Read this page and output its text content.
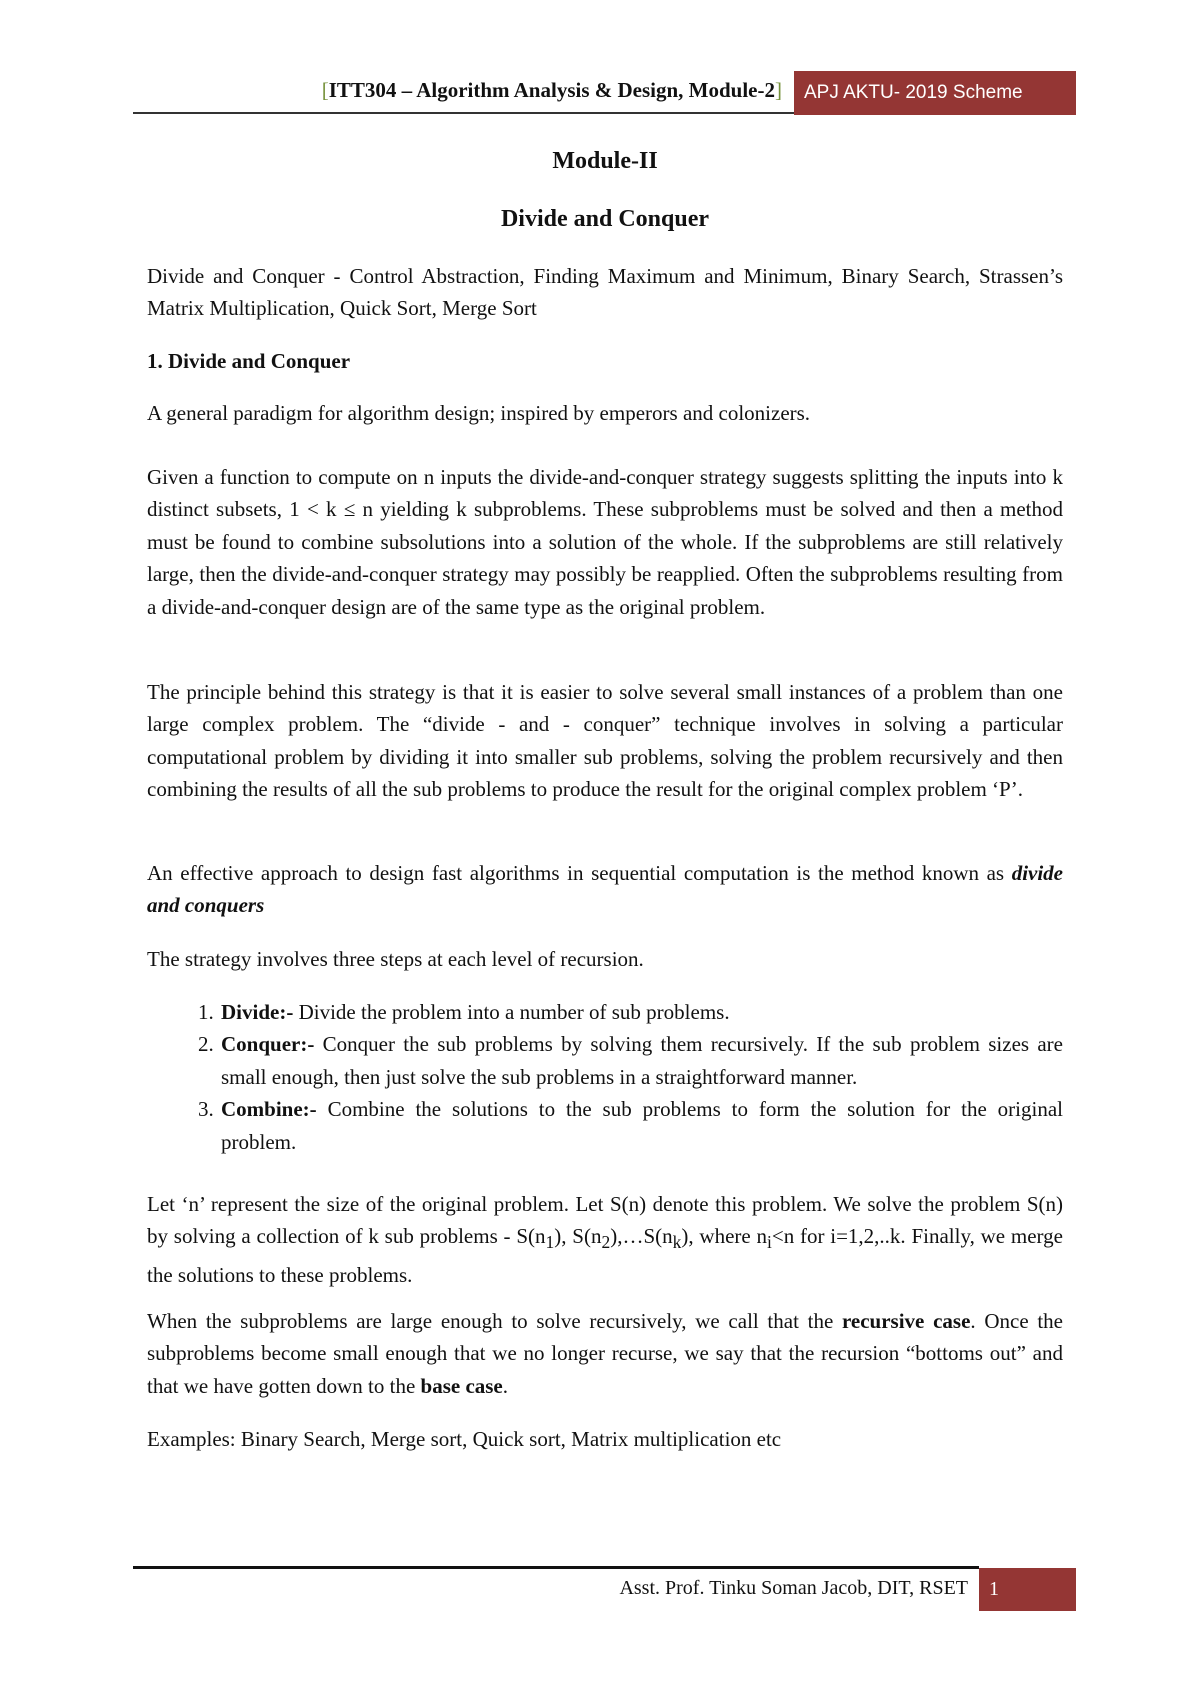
[ITT304 – Algorithm Analysis & Design, Module-2]	APJ AKTU- 2019 Scheme
Module-II
Divide and Conquer
Divide and Conquer - Control Abstraction, Finding Maximum and Minimum, Binary Search, Strassen’s Matrix Multiplication, Quick Sort, Merge Sort
1. Divide and Conquer
A general paradigm for algorithm design; inspired by emperors and colonizers.
Given a function to compute on n inputs the divide-and-conquer strategy suggests splitting the inputs into k distinct subsets, 1 < k ≤ n yielding k subproblems. These subproblems must be solved and then a method must be found to combine subsolutions into a solution of the whole. If the subproblems are still relatively large, then the divide-and-conquer strategy may possibly be reapplied. Often the subproblems resulting from a divide-and-conquer design are of the same type as the original problem.
The principle behind this strategy is that it is easier to solve several small instances of a problem than one large complex problem. The “divide - and - conquer” technique involves in solving a particular computational problem by dividing it into smaller sub problems, solving the problem recursively and then combining the results of all the sub problems to produce the result for the original complex problem ‘P’.
An effective approach to design fast algorithms in sequential computation is the method known as divide and conquers
The strategy involves three steps at each level of recursion.
1. Divide:- Divide the problem into a number of sub problems.
2. Conquer:- Conquer the sub problems by solving them recursively. If the sub problem sizes are small enough, then just solve the sub problems in a straightforward manner.
3. Combine:- Combine the solutions to the sub problems to form the solution for the original problem.
Let ‘n’ represent the size of the original problem. Let S(n) denote this problem. We solve the problem S(n) by solving a collection of k sub problems - $S(n_1)$, $S(n_2),\dots S(n_k)$, where $n_i<n$ for i=1,2,..k. Finally, we merge the solutions to these problems.
When the subproblems are large enough to solve recursively, we call that the recursive case. Once the subproblems become small enough that we no longer recurse, we say that the recursion “bottoms out” and that we have gotten down to the base case.
Examples: Binary Search, Merge sort, Quick sort, Matrix multiplication etc
Asst. Prof. Tinku Soman Jacob, DIT, RSET	1
